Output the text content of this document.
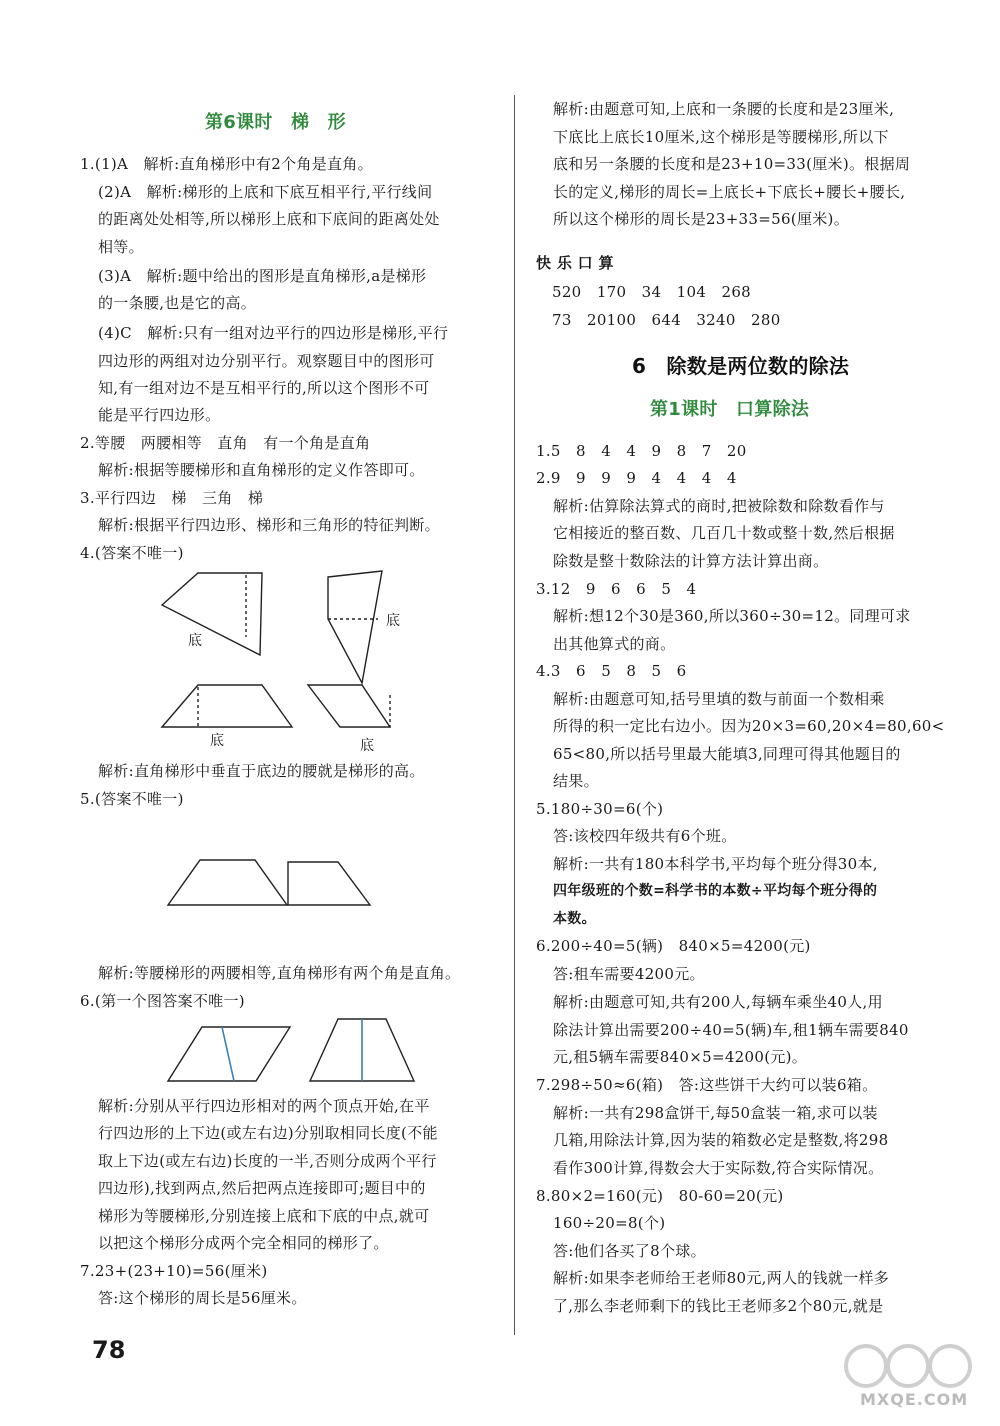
第6课时　梯　形
1.(1)A　解析:直角梯形中有2个角是直角。
(2)A　解析:梯形的上底和下底互相平行,平行线间
的距离处处相等,所以梯形上底和下底间的距离处处
相等。
(3)A　解析:题中给出的图形是直角梯形,a是梯形
的一条腰,也是它的高。
(4)C　解析:只有一组对边平行的四边形是梯形,平行
四边形的两组对边分别平行。观察题目中的图形可
知,有一组对边不是互相平行的,所以这个图形不可
能是平行四边形。
2.等腰　两腰相等　直角　有一个角是直角
解析:根据等腰梯形和直角梯形的定义作答即可。
3.平行四边　梯　三角　梯
解析:根据平行四边形、梯形和三角形的特征判断。
4.(答案不唯一)
底
底
底	底
解析:直角梯形中垂直于底边的腰就是梯形的高。
5.(答案不唯一)
解析:等腰梯形的两腰相等,直角梯形有两个角是直角。
6.(第一个图答案不唯一)
解析:分别从平行四边形相对的两个顶点开始,在平
行四边形的上下边(或左右边)分别取相同长度(不能
取上下边(或左右边)长度的一半,否则分成两个平行
四边形),找到两点,然后把两点连接即可;题目中的
梯形为等腰梯形,分别连接上底和下底的中点,就可
以把这个梯形分成两个完全相同的梯形了。
7.23+(23+10)=56(厘米)
答:这个梯形的周长是56厘米。
解析:由题意可知,上底和一条腰的长度和是23厘米,
下底比上底长10厘米,这个梯形是等腰梯形,所以下
底和另一条腰的长度和是23+10=33(厘米)。根据周
长的定义,梯形的周长=上底长+下底长+腰长+腰长,
所以这个梯形的周长是23+33=56(厘米)。
快 乐 口 算
520　170　34　104　268
73　20100　644　3240　280
6　除数是两位数的除法
第1课时　口算除法
1.5　8　4　4　9　8　7　20
2.9　9　9　9　4　4　4　4
解析:估算除法算式的商时,把被除数和除数看作与
它相接近的整百数、几百几十数或整十数,然后根据
除数是整十数除法的计算方法计算出商。
3.12　9　6　6　5　4
解析:想12个30是360,所以360÷30=12。同理可求
出其他算式的商。
4.3　6　5　8　5　6
解析:由题意可知,括号里填的数与前面一个数相乘
所得的积一定比右边小。因为20×3=60,20×4=80,60<
65<80,所以括号里最大能填3,同理可得其他题目的
结果。
5.180÷30=6(个)
答:该校四年级共有6个班。
解析:一共有180本科学书,平均每个班分得30本,
四年级班的个数=科学书的本数÷平均每个班分得的
本数。
6.200÷40=5(辆)　840×5=4200(元)
答:租车需要4200元。
解析:由题意可知,共有200人,每辆车乘坐40人,用
除法计算出需要200÷40=5(辆)车,租1辆车需要840
元,租5辆车需要840×5=4200(元)。
7.298÷50≈6(箱)　答:这些饼干大约可以装6箱。
解析:一共有298盒饼干,每50盒装一箱,求可以装
几箱,用除法计算,因为装的箱数必定是整数,将298
看作300计算,得数会大于实际数,符合实际情况。
8.80×2=160(元)　80-60=20(元)
160÷20=8(个)
答:他们各买了8个球。
解析:如果李老师给王老师80元,两人的钱就一样多
了,那么李老师剩下的钱比王老师多2个80元,就是
78
MXQE.COM
